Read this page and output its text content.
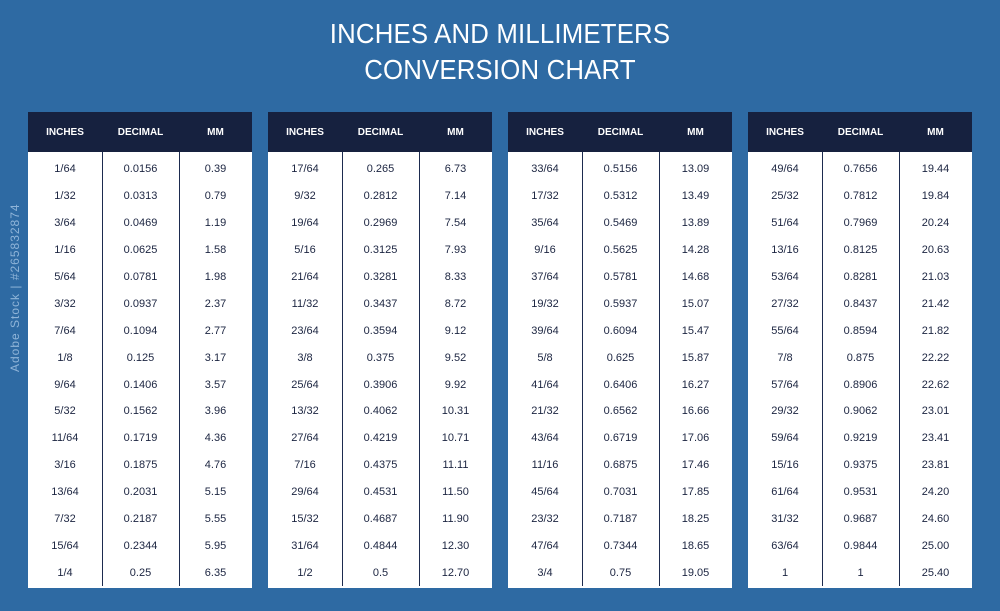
INCHES AND MILLIMETERS
CONVERSION CHART
Adobe Stock | #265832874
INCHES	DECIMAL	MM
1/64	0.0156	0.39
1/32	0.0313	0.79
3/64	0.0469	1.19
1/16	0.0625	1.58
5/64	0.0781	1.98
3/32	0.0937	2.37
7/64	0.1094	2.77
1/8	0.125	3.17
9/64	0.1406	3.57
5/32	0.1562	3.96
11/64	0.1719	4.36
3/16	0.1875	4.76
13/64	0.2031	5.15
7/32	0.2187	5.55
15/64	0.2344	5.95
1/4	0.25	6.35
INCHES	DECIMAL	MM
17/64	0.265	6.73
9/32	0.2812	7.14
19/64	0.2969	7.54
5/16	0.3125	7.93
21/64	0.3281	8.33
11/32	0.3437	8.72
23/64	0.3594	9.12
3/8	0.375	9.52
25/64	0.3906	9.92
13/32	0.4062	10.31
27/64	0.4219	10.71
7/16	0.4375	11.11
29/64	0.4531	11.50
15/32	0.4687	11.90
31/64	0.4844	12.30
1/2	0.5	12.70
INCHES	DECIMAL	MM
33/64	0.5156	13.09
17/32	0.5312	13.49
35/64	0.5469	13.89
9/16	0.5625	14.28
37/64	0.5781	14.68
19/32	0.5937	15.07
39/64	0.6094	15.47
5/8	0.625	15.87
41/64	0.6406	16.27
21/32	0.6562	16.66
43/64	0.6719	17.06
11/16	0.6875	17.46
45/64	0.7031	17.85
23/32	0.7187	18.25
47/64	0.7344	18.65
3/4	0.75	19.05
INCHES	DECIMAL	MM
49/64	0.7656	19.44
25/32	0.7812	19.84
51/64	0.7969	20.24
13/16	0.8125	20.63
53/64	0.8281	21.03
27/32	0.8437	21.42
55/64	0.8594	21.82
7/8	0.875	22.22
57/64	0.8906	22.62
29/32	0.9062	23.01
59/64	0.9219	23.41
15/16	0.9375	23.81
61/64	0.9531	24.20
31/32	0.9687	24.60
63/64	0.9844	25.00
1	1	25.40
